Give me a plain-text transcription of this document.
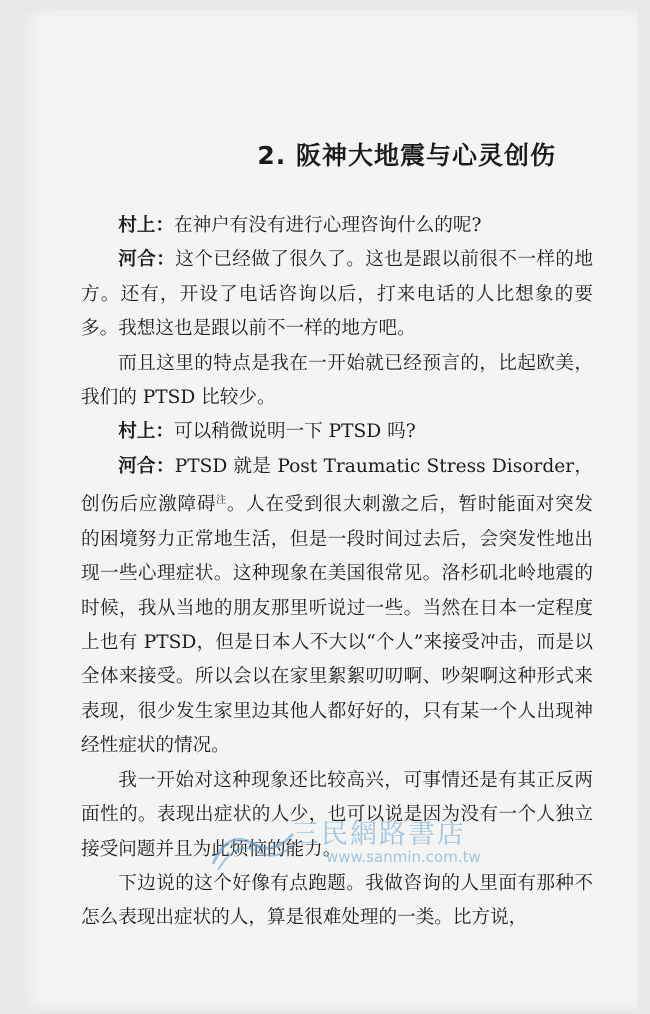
2. 阪神大地震与心灵创伤

村上：在神户有没有进行心理咨询什么的呢?

河合：这个已经做了很久了。这也是跟以前很不一样的地方。还有，开设了电话咨询以后，打来电话的人比想象的要多。我想这也是跟以前不一样的地方吧。

而且这里的特点是我在一开始就已经预言的，比起欧美，我们的 PTSD 比较少。

村上：可以稍微说明一下 PTSD 吗?

河合：PTSD 就是 Post Traumatic Stress Disorder，创伤后应激障碍$^注$。人在受到很大刺激之后，暂时能面对突发的困境努力正常地生活，但是一段时间过去后，会突发性地出现一些心理症状。这种现象在美国很常见。洛杉矶北岭地震的时候，我从当地的朋友那里听说过一些。当然在日本一定程度上也有 PTSD，但是日本人不大以“个人”来接受冲击，而是以全体来接受。所以会以在家里絮絮叨叨啊、吵架啊这种形式来表现，很少发生家里边其他人都好好的，只有某一个人出现神经性症状的情况。

我一开始对这种现象还比较高兴，可事情还是有其正反两面性的。表现出症状的人少，也可以说是因为没有一个人独立接受问题并且为此烦恼的能力。

下边说的这个好像有点跑题。我做咨询的人里面有那种不怎么表现出症状的人，算是很难处理的一类。比方说，

三民網路書店
www.sanmin.com.tw
